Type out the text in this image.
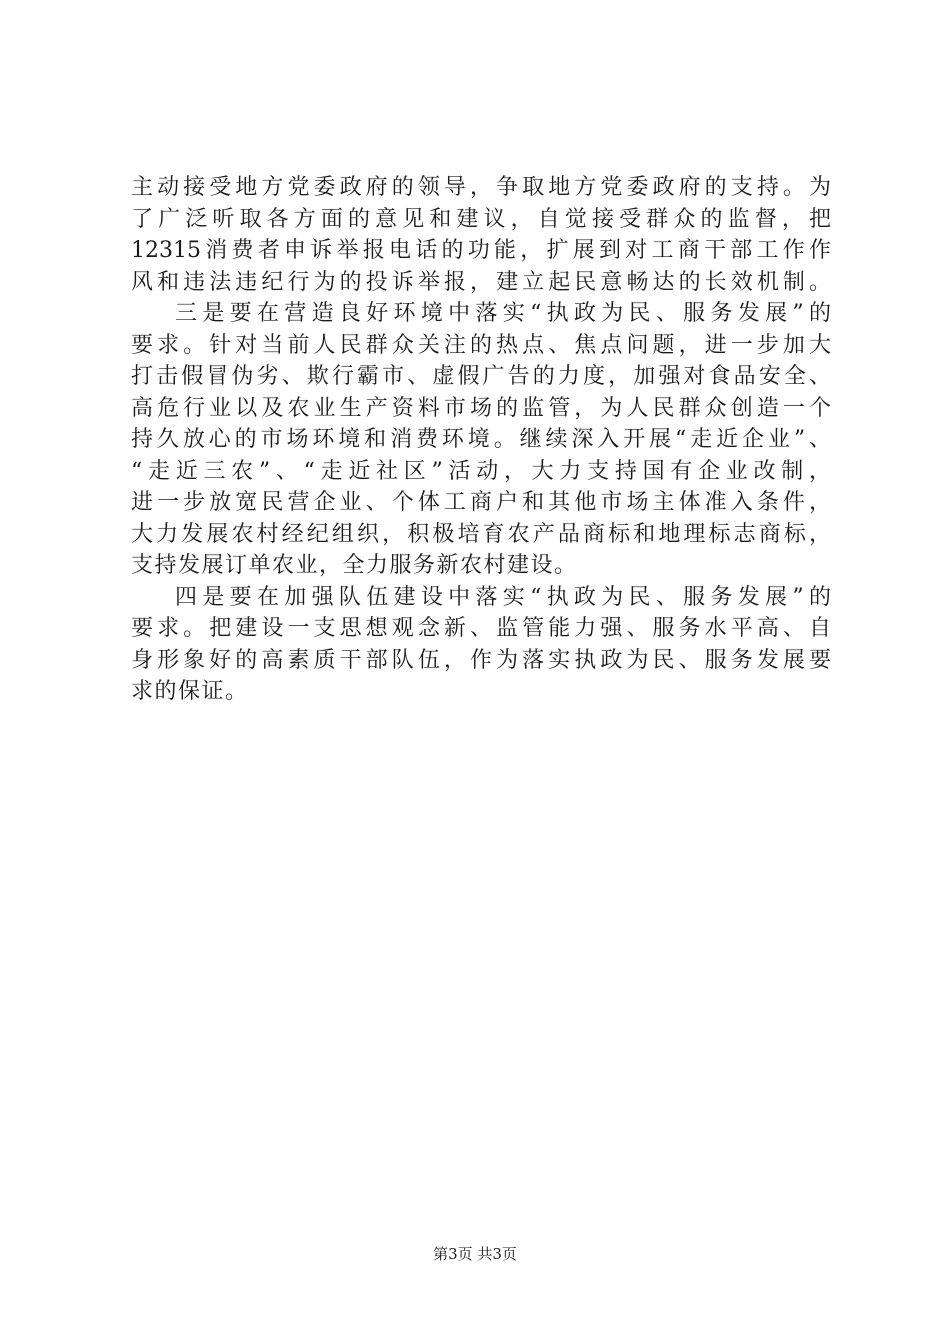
主动接受地方党委政府的领导，争取地方党委政府的支持。为
了广泛听取各方面的意见和建议，自觉接受群众的监督，把
12315消费者申诉举报电话的功能，扩展到对工商干部工作作
风和违法违纪行为的投诉举报，建立起民意畅达的长效机制。
三是要在营造良好环境中落实“执政为民、服务发展”的
要求。针对当前人民群众关注的热点、焦点问题，进一步加大
打击假冒伪劣、欺行霸市、虚假广告的力度，加强对食品安全、
高危行业以及农业生产资料市场的监管，为人民群众创造一个
持久放心的市场环境和消费环境。继续深入开展“走近企业”、
“走近三农”、“走近社区”活动，大力支持国有企业改制，
进一步放宽民营企业、个体工商户和其他市场主体准入条件，
大力发展农村经纪组织，积极培育农产品商标和地理标志商标，
支持发展订单农业，全力服务新农村建设。
四是要在加强队伍建设中落实“执政为民、服务发展”的
要求。把建设一支思想观念新、监管能力强、服务水平高、自
身形象好的高素质干部队伍，作为落实执政为民、服务发展要
求的保证。
第3页 共3页
